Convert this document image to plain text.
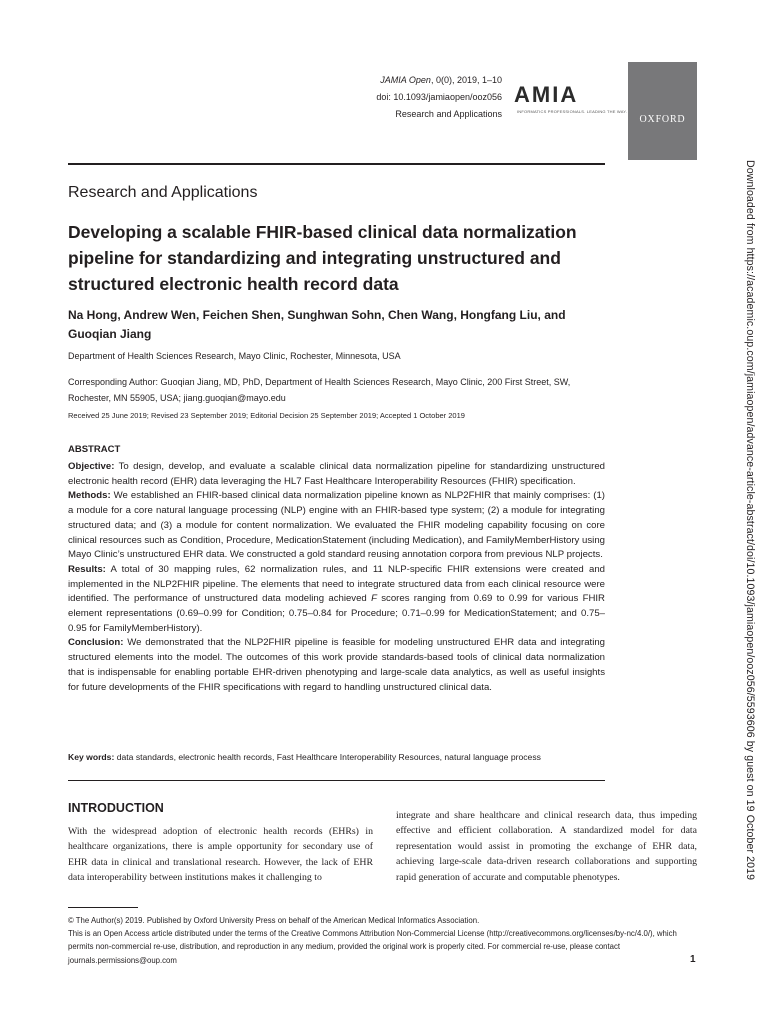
JAMIA Open, 0(0), 2019, 1–10
doi: 10.1093/jamiaopen/ooz056
Research and Applications
AMIA
INFORMATICS PROFESSIONALS. LEADING THE WAY.
OXFORD
Research and Applications
Developing a scalable FHIR-based clinical data normalization pipeline for standardizing and integrating unstructured and structured electronic health record data
Na Hong, Andrew Wen, Feichen Shen, Sunghwan Sohn, Chen Wang, Hongfang Liu, and Guoqian Jiang
Department of Health Sciences Research, Mayo Clinic, Rochester, Minnesota, USA
Corresponding Author: Guoqian Jiang, MD, PhD, Department of Health Sciences Research, Mayo Clinic, 200 First Street, SW, Rochester, MN 55905, USA; jiang.guoqian@mayo.edu
Received 25 June 2019; Revised 23 September 2019; Editorial Decision 25 September 2019; Accepted 1 October 2019
ABSTRACT

Objective: To design, develop, and evaluate a scalable clinical data normalization pipeline for standardizing unstructured electronic health record (EHR) data leveraging the HL7 Fast Healthcare Interoperability Resources (FHIR) specification.

Methods: We established an FHIR-based clinical data normalization pipeline known as NLP2FHIR that mainly comprises: (1) a module for a core natural language processing (NLP) engine with an FHIR-based type system; (2) a module for integrating structured data; and (3) a module for content normalization. We evaluated the FHIR modeling capability focusing on core clinical resources such as Condition, Procedure, MedicationStatement (including Medication), and FamilyMemberHistory using Mayo Clinic’s unstructured EHR data. We constructed a gold standard reusing annotation corpora from previous NLP projects.

Results: A total of 30 mapping rules, 62 normalization rules, and 11 NLP-specific FHIR extensions were created and implemented in the NLP2FHIR pipeline. The elements that need to integrate structured data from each clinical resource were identified. The performance of unstructured data modeling achieved F scores ranging from 0.69 to 0.99 for various FHIR element representations (0.69–0.99 for Condition; 0.75–0.84 for Procedure; 0.71–0.99 for MedicationStatement; and 0.75–0.95 for FamilyMemberHistory).

Conclusion: We demonstrated that the NLP2FHIR pipeline is feasible for modeling unstructured EHR data and integrating structured elements into the model. The outcomes of this work provide standards-based tools of clinical data normalization that is indispensable for enabling portable EHR-driven phenotyping and large-scale data analytics, as well as useful insights for future developments of the FHIR specifications with regard to handling unstructured clinical data.

Key words: data standards, electronic health records, Fast Healthcare Interoperability Resources, natural language process
INTRODUCTION
With the widespread adoption of electronic health records (EHRs) in healthcare organizations, there is ample opportunity for secondary use of EHR data in clinical and translational research. However, the lack of EHR data interoperability between institutions makes it challenging to
integrate and share healthcare and clinical research data, thus impeding effective and efficient collaboration. A standardized model for data representation would assist in promoting the exchange of EHR data, achieving large-scale data-driven research collaborations and supporting rapid generation of accurate and computable phenotypes.
© The Author(s) 2019. Published by Oxford University Press on behalf of the American Medical Informatics Association.
This is an Open Access article distributed under the terms of the Creative Commons Attribution Non-Commercial License (http://creativecommons.org/licenses/by-nc/4.0/), which permits non-commercial re-use, distribution, and reproduction in any medium, provided the original work is properly cited. For commercial re-use, please contact journals.permissions@oup.com	1
Downloaded from https://academic.oup.com/jamiaopen/advance-article-abstract/doi/10.1093/jamiaopen/ooz056/5593606 by guest on 19 October 2019
